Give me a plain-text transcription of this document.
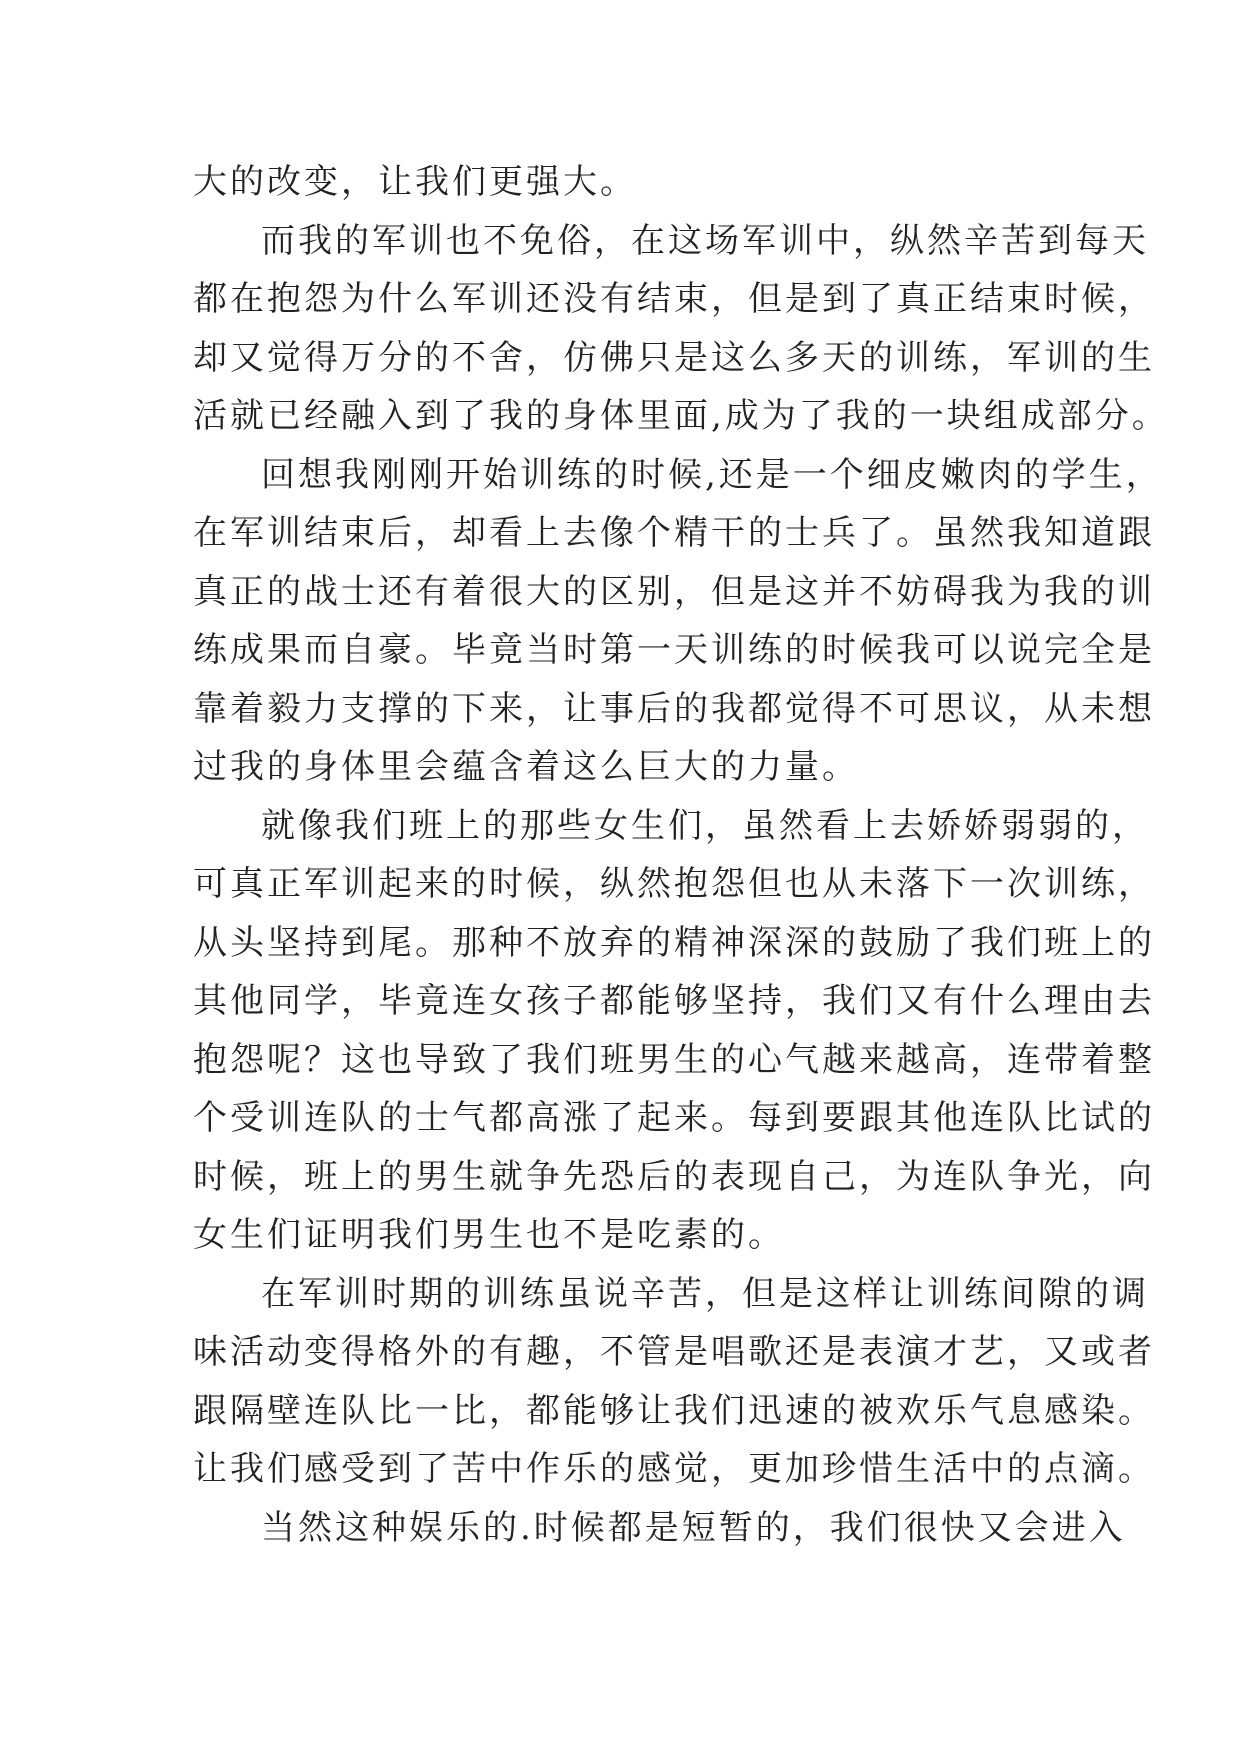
大的改变，让我们更强大。
而我的军训也不免俗，在这场军训中，纵然辛苦到每天
都在抱怨为什么军训还没有结束，但是到了真正结束时候，
却又觉得万分的不舍，仿佛只是这么多天的训练，军训的生
活就已经融入到了我的身体里面,成为了我的一块组成部分。
回想我刚刚开始训练的时候,还是一个细皮嫩肉的学生，
在军训结束后，却看上去像个精干的士兵了。虽然我知道跟
真正的战士还有着很大的区别，但是这并不妨碍我为我的训
练成果而自豪。毕竟当时第一天训练的时候我可以说完全是
靠着毅力支撑的下来，让事后的我都觉得不可思议，从未想
过我的身体里会蕴含着这么巨大的力量。
就像我们班上的那些女生们，虽然看上去娇娇弱弱的，
可真正军训起来的时候，纵然抱怨但也从未落下一次训练，
从头坚持到尾。那种不放弃的精神深深的鼓励了我们班上的
其他同学，毕竟连女孩子都能够坚持，我们又有什么理由去
抱怨呢？这也导致了我们班男生的心气越来越高，连带着整
个受训连队的士气都高涨了起来。每到要跟其他连队比试的
时候，班上的男生就争先恐后的表现自己，为连队争光，向
女生们证明我们男生也不是吃素的。
在军训时期的训练虽说辛苦，但是这样让训练间隙的调
味活动变得格外的有趣，不管是唱歌还是表演才艺，又或者
跟隔壁连队比一比，都能够让我们迅速的被欢乐气息感染。
让我们感受到了苦中作乐的感觉，更加珍惜生活中的点滴。
当然这种娱乐的.时候都是短暂的，我们很快又会进入
